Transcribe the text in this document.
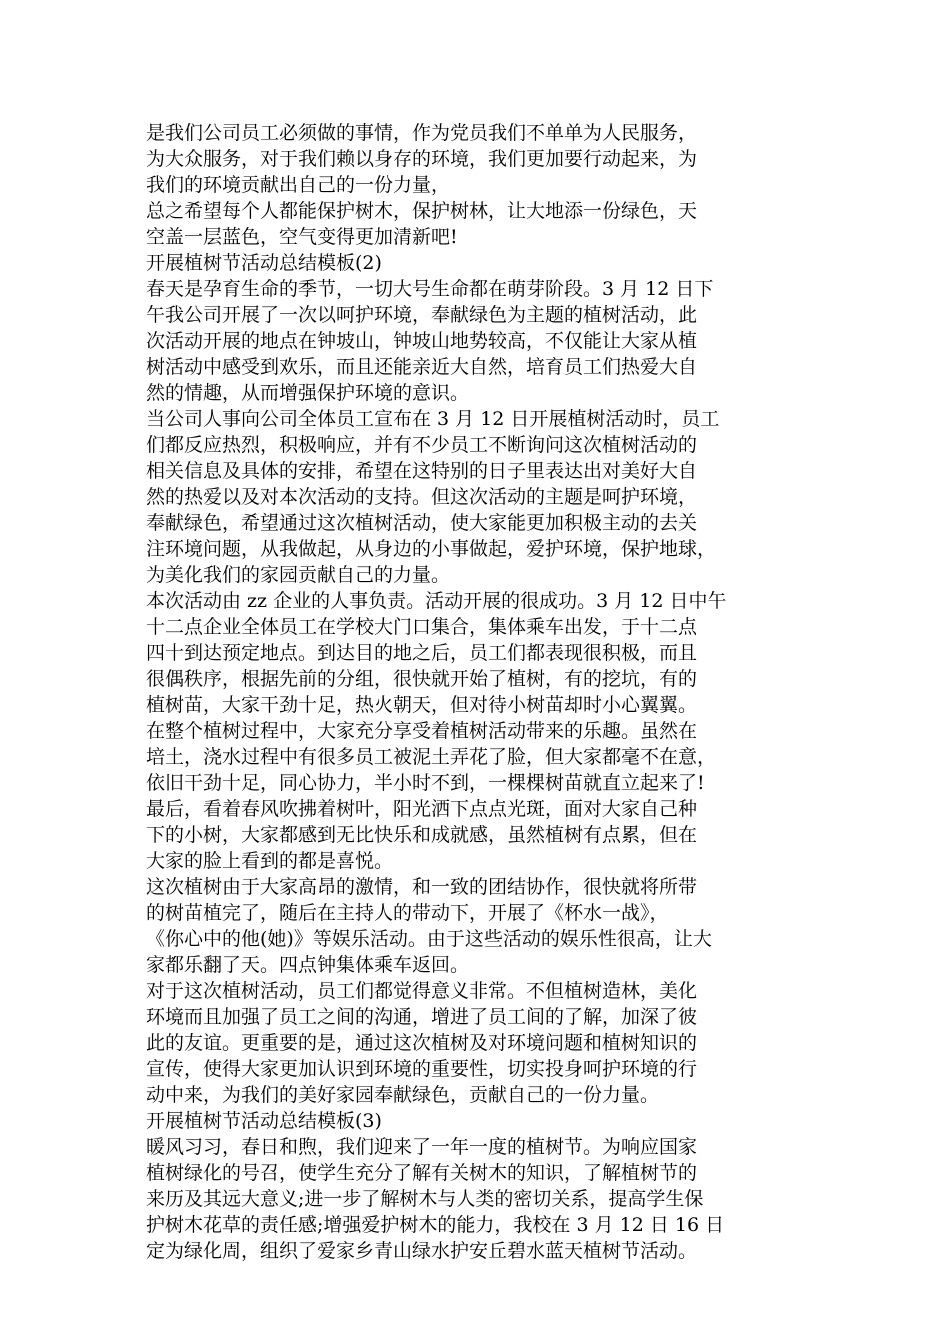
是我们公司员工必须做的事情，作为党员我们不单单为人民服务，
为大众服务，对于我们赖以身存的环境，我们更加要行动起来，为
我们的环境贡献出自己的一份力量，
总之希望每个人都能保护树木，保护树林，让大地添一份绿色，天
空盖一层蓝色，空气变得更加清新吧!
开展植树节活动总结模板(2)
春天是孕育生命的季节，一切大号生命都在萌芽阶段。3 月 12 日下
午我公司开展了一次以呵护环境，奉献绿色为主题的植树活动，此
次活动开展的地点在钟坡山，钟坡山地势较高，不仅能让大家从植
树活动中感受到欢乐，而且还能亲近大自然，培育员工们热爱大自
然的情趣，从而增强保护环境的意识。
当公司人事向公司全体员工宣布在 3 月 12 日开展植树活动时，员工
们都反应热烈，积极响应，并有不少员工不断询问这次植树活动的
相关信息及具体的安排，希望在这特别的日子里表达出对美好大自
然的热爱以及对本次活动的支持。但这次活动的主题是呵护环境，
奉献绿色，希望通过这次植树活动，使大家能更加积极主动的去关
注环境问题，从我做起，从身边的小事做起，爱护环境，保护地球，
为美化我们的家园贡献自己的力量。
本次活动由 zz 企业的人事负责。活动开展的很成功。3 月 12 日中午
十二点企业全体员工在学校大门口集合，集体乘车出发，于十二点
四十到达预定地点。到达目的地之后，员工们都表现很积极，而且
很偶秩序，根据先前的分组，很快就开始了植树，有的挖坑，有的
植树苗，大家干劲十足，热火朝天，但对待小树苗却时小心翼翼。
在整个植树过程中，大家充分享受着植树活动带来的乐趣。虽然在
培土，浇水过程中有很多员工被泥土弄花了脸，但大家都毫不在意，
依旧干劲十足，同心协力，半小时不到，一棵棵树苗就直立起来了!
最后，看着春风吹拂着树叶，阳光洒下点点光斑，面对大家自己种
下的小树，大家都感到无比快乐和成就感，虽然植树有点累，但在
大家的脸上看到的都是喜悦。
这次植树由于大家高昂的激情，和一致的团结协作，很快就将所带
的树苗植完了，随后在主持人的带动下，开展了《杯水一战》，
《你心中的他(她)》等娱乐活动。由于这些活动的娱乐性很高，让大
家都乐翻了天。四点钟集体乘车返回。
对于这次植树活动，员工们都觉得意义非常。不但植树造林，美化
环境而且加强了员工之间的沟通，增进了员工间的了解，加深了彼
此的友谊。更重要的是，通过这次植树及对环境问题和植树知识的
宣传，使得大家更加认识到环境的重要性，切实投身呵护环境的行
动中来，为我们的美好家园奉献绿色，贡献自己的一份力量。
开展植树节活动总结模板(3)
暖风习习，春日和煦，我们迎来了一年一度的植树节。为响应国家
植树绿化的号召，使学生充分了解有关树木的知识，了解植树节的
来历及其远大意义;进一步了解树木与人类的密切关系，提高学生保
护树木花草的责任感;增强爱护树木的能力，我校在 3 月 12 日 16 日
定为绿化周，组织了爱家乡青山绿水护安丘碧水蓝天植树节活动。
